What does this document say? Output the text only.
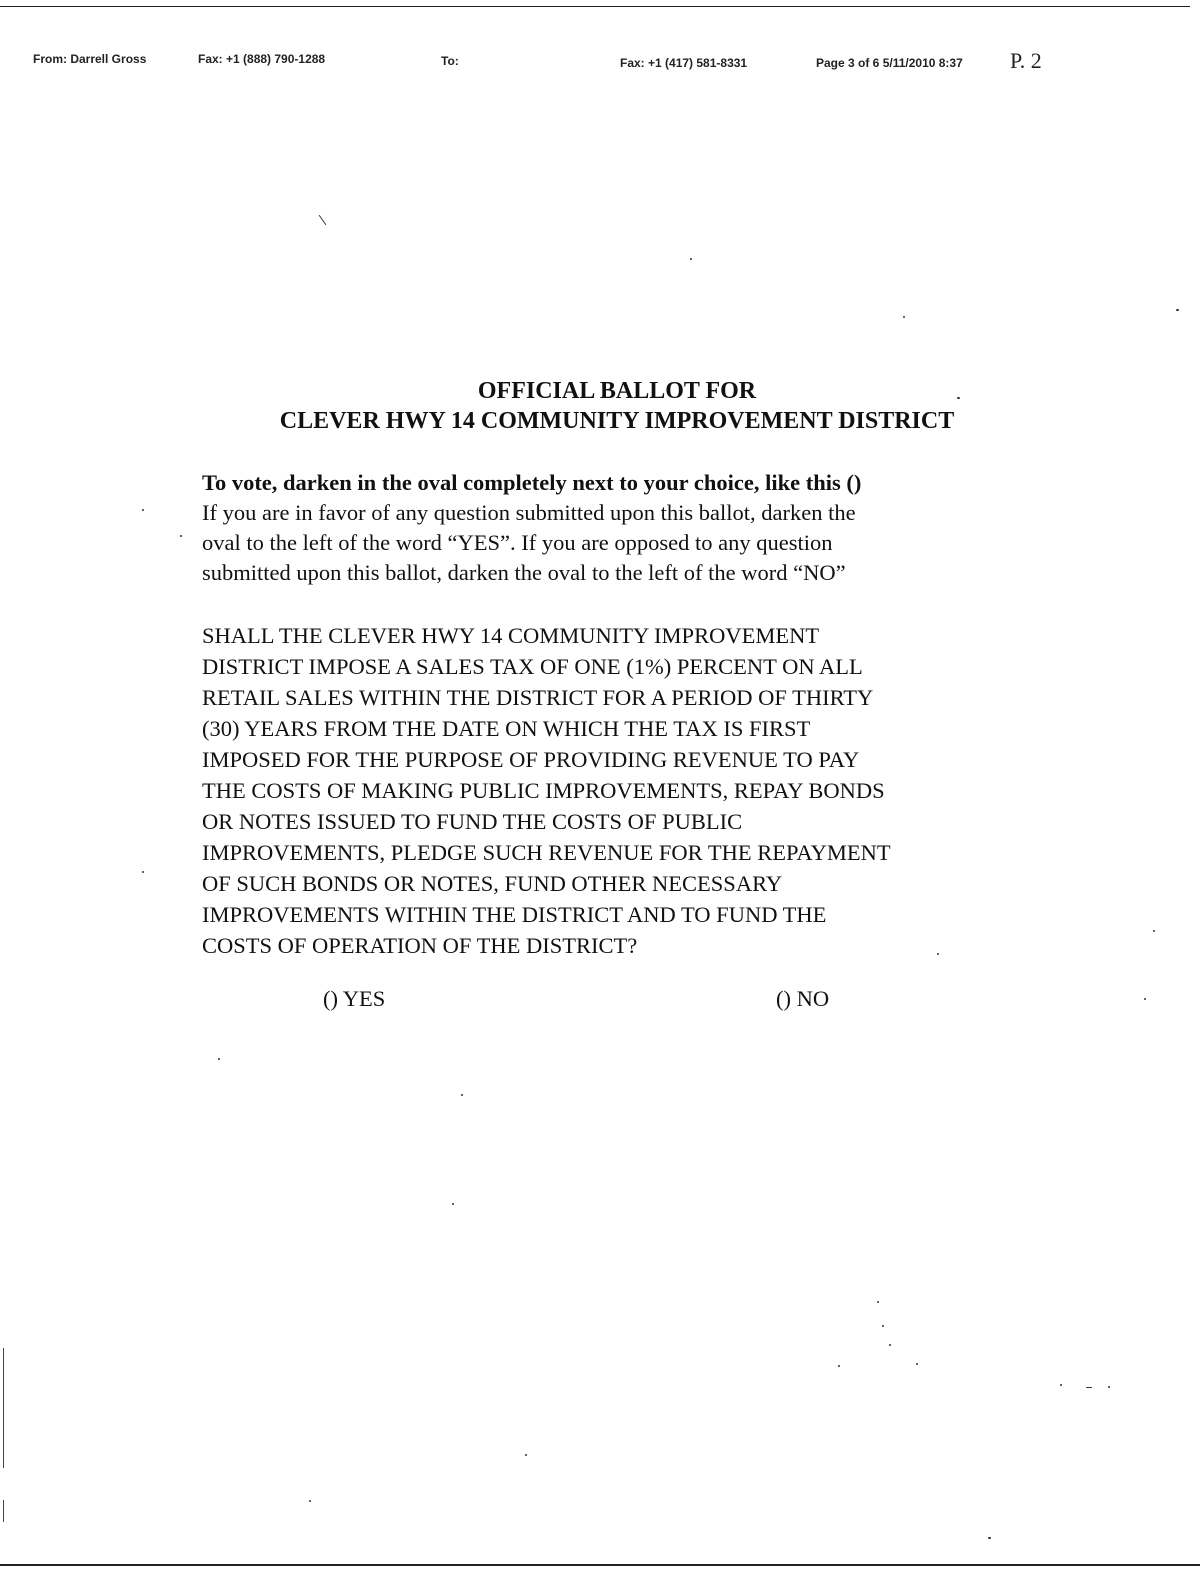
From: Darrell Gross	Fax: +1 (888) 790-1288	To:	Fax: +1 (417) 581-8331	Page 3 of 6 5/11/2010 8:37 P. 2
OFFICIAL BALLOT FOR
CLEVER HWY 14 COMMUNITY IMPROVEMENT DISTRICT
To vote, darken in the oval completely next to your choice, like this ()
If you are in favor of any question submitted upon this ballot, darken the
oval to the left of the word “YES”. If you are opposed to any question
submitted upon this ballot, darken the oval to the left of the word “NO”
SHALL THE CLEVER HWY 14 COMMUNITY IMPROVEMENT
DISTRICT IMPOSE A SALES TAX OF ONE (1%) PERCENT ON ALL
RETAIL SALES WITHIN THE DISTRICT FOR A PERIOD OF THIRTY
(30) YEARS FROM THE DATE ON WHICH THE TAX IS FIRST
IMPOSED FOR THE PURPOSE OF PROVIDING REVENUE TO PAY
THE COSTS OF MAKING PUBLIC IMPROVEMENTS, REPAY BONDS
OR NOTES ISSUED TO FUND THE COSTS OF PUBLIC
IMPROVEMENTS, PLEDGE SUCH REVENUE FOR THE REPAYMENT
OF SUCH BONDS OR NOTES, FUND OTHER NECESSARY
IMPROVEMENTS WITHIN THE DISTRICT AND TO FUND THE
COSTS OF OPERATION OF THE DISTRICT?
() YES	() NO
